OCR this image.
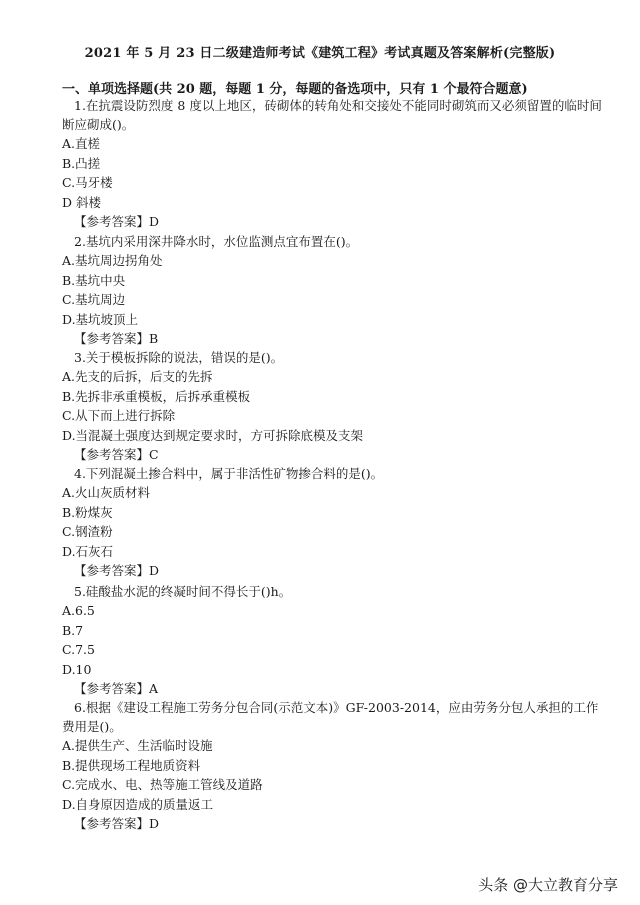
2021 年 5 月 23 日二级建造师考试《建筑工程》考试真题及答案解析(完整版)
一、单项选择题(共 20 题，每题 1 分，每题的备选项中，只有 1 个最符合题意)

1.在抗震设防烈度 8 度以上地区，砖砌体的转角处和交接处不能同时砌筑而又必须留置的临时间断应砌成()。

A.直槎

B.凸搓

C.马牙楼

D 斜楼

【参考答案】D

2.基坑内采用深井降水时，水位监测点宜布置在()。

A.基坑周边拐角处

B.基坑中央

C.基坑周边

D.基坑坡顶上

【参考答案】B

3.关于模板拆除的说法，错误的是()。

A.先支的后拆，后支的先拆

B.先拆非承重模板，后拆承重模板

C.从下而上进行拆除

D.当混凝土强度达到规定要求时，方可拆除底模及支架

【参考答案】C

4.下列混凝土掺合料中，属于非活性矿物掺合料的是()。

A.火山灰质材料

B.粉煤灰

C.钢渣粉

D.石灰石

【参考答案】D

5.硅酸盐水泥的终凝时间不得长于()h。

A.6.5

B.7

C.7.5

D.10

【参考答案】A

6.根据《建设工程施工劳务分包合同(示范文本)》GF-2003-2014，应由劳务分包人承担的工作费用是()。

A.提供生产、生活临时设施

B.提供现场工程地质资料

C.完成水、电、热等施工管线及道路

D.自身原因造成的质量返工

【参考答案】D

头条 @大立教育分享
